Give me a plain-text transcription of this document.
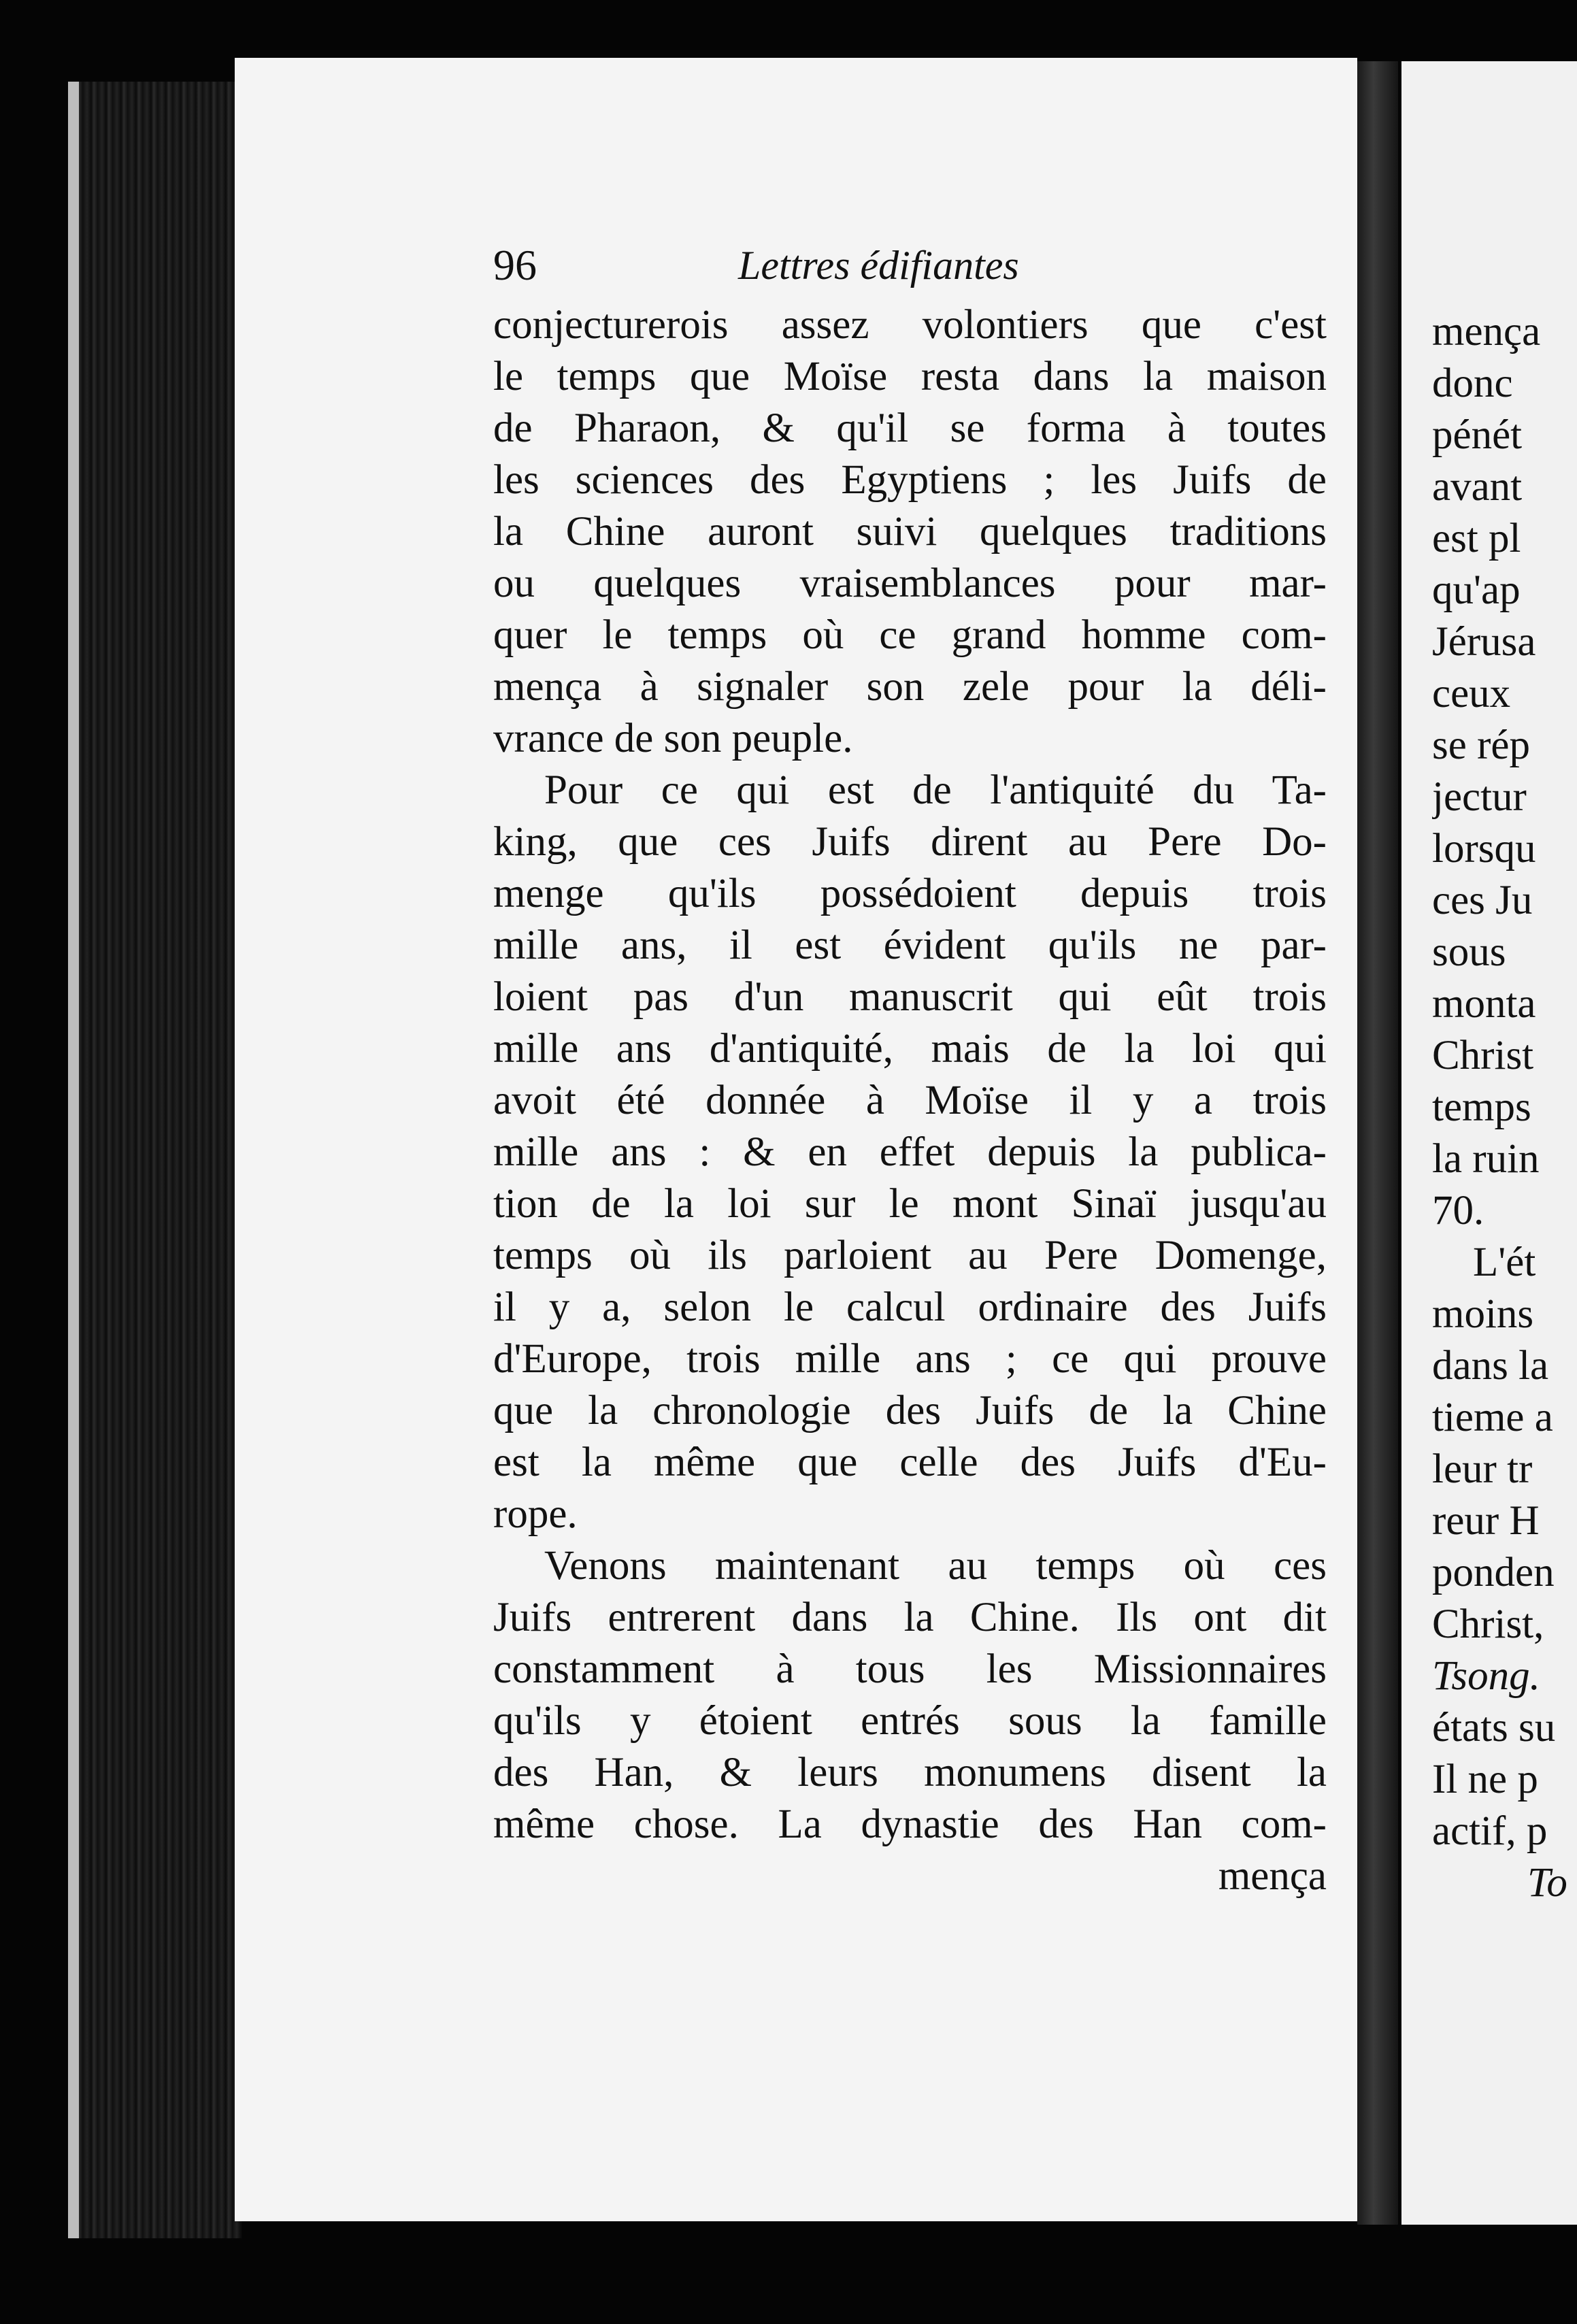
96	Lettres édifiantes
conjecturerois assez volontiers que c'est
le temps que Moïse resta dans la maison
de Pharaon, & qu'il se forma à toutes
les sciences des Egyptiens ; les Juifs de
la Chine auront suivi quelques traditions
ou quelques vraisemblances pour mar-
quer le temps où ce grand homme com-
mença à signaler son zele pour la déli-
vrance de son peuple.
Pour ce qui est de l'antiquité du Ta-
king, que ces Juifs dirent au Pere Do-
menge qu'ils possédoient depuis trois
mille ans, il est évident qu'ils ne par-
loient pas d'un manuscrit qui eût trois
mille ans d'antiquité, mais de la loi qui
avoit été donnée à Moïse il y a trois
mille ans : & en effet depuis la publica-
tion de la loi sur le mont Sinaï jusqu'au
temps où ils parloient au Pere Domenge,
il y a, selon le calcul ordinaire des Juifs
d'Europe, trois mille ans ; ce qui prouve
que la chronologie des Juifs de la Chine
est la même que celle des Juifs d'Eu-
rope.
Venons maintenant au temps où ces
Juifs entrerent dans la Chine. Ils ont dit
constamment à tous les Missionnaires
qu'ils y étoient entrés sous la famille
des Han, & leurs monumens disent la
même chose. La dynastie des Han com-
mença
mença
donc
pénét
avant
est pl
qu'ap
Jérusa
ceux
se rép
jectur
lorsqu
ces Ju
sous
monta
Christ
temps
la ruin
70.
L'ét
moins
dans la
tieme a
leur tr
reur H
ponden
Christ,
Tsong.
états su
Il ne p
actif, p
To
